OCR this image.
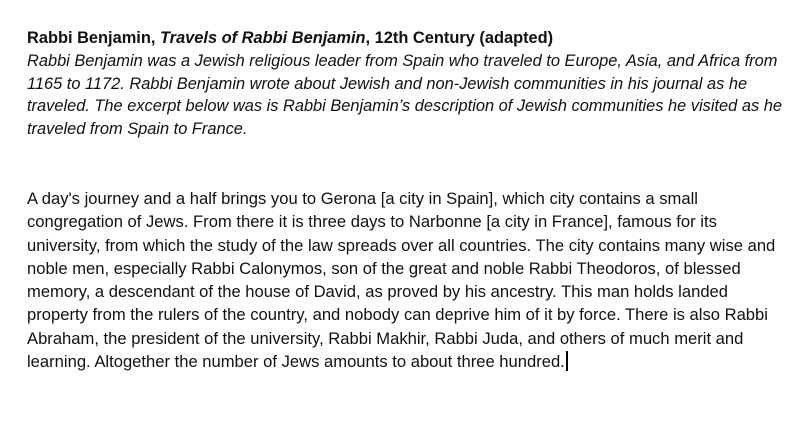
Rabbi Benjamin, Travels of Rabbi Benjamin, 12th Century (adapted)

Rabbi Benjamin was a Jewish religious leader from Spain who traveled to Europe, Asia, and Africa from 1165 to 1172. Rabbi Benjamin wrote about Jewish and non-Jewish communities in his journal as he traveled. The excerpt below was is Rabbi Benjamin’s description of Jewish communities he visited as he traveled from Spain to France.

A day's journey and a half brings you to Gerona [a city in Spain], which city contains a small congregation of Jews. From there it is three days to Narbonne [a city in France], famous for its university, from which the study of the law spreads over all countries. The city contains many wise and noble men, especially Rabbi Calonymos, son of the great and noble Rabbi Theodoros, of blessed memory, a descendant of the house of David, as proved by his ancestry. This man holds landed property from the rulers of the country, and nobody can deprive him of it by force. There is also Rabbi Abraham, the president of the university, Rabbi Makhir, Rabbi Juda, and others of much merit and learning. Altogether the number of Jews amounts to about three hundred.
